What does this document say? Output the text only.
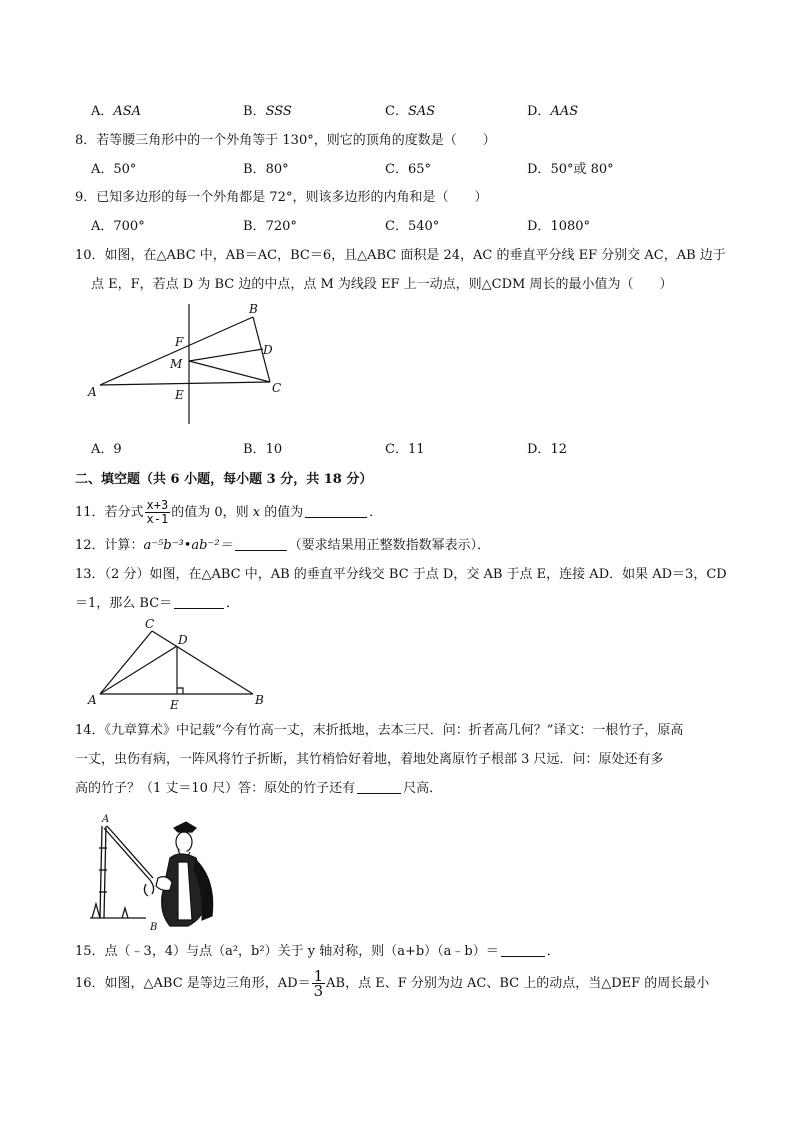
A．ASA	B．SSS	C．SAS	D．AAS
8．若等腰三角形中的一个外角等于 130°，则它的顶角的度数是（　　）
A．50°	B．80°	C．65°	D．50°或 80°
9．已知多边形的每一个外角都是 72°，则该多边形的内角和是（　　）
A．700°	B．720°	C．540°	D．1080°
10．如图，在△ABC 中，AB＝AC，BC＝6，且△ABC 面积是 24，AC 的垂直平分线 EF 分别交 AC，AB 边于
点 E，F，若点 D 为 BC 边的中点，点 M 为线段 EF 上一动点，则△CDM 周长的最小值为（　　）
A
B
C
D
E
F
M
A．9	B．10	C．11	D．12
二、填空题（共 6 小题，每小题 3 分，共 18 分）
11．若分式 $\frac{x+3}{x-1}$ 的值为 0，则 x 的值为	．
12．计算：a⁻⁵b⁻³•ab⁻²＝	（要求结果用正整数指数幂表示）．
13．（2 分）如图，在△ABC 中，AB 的垂直平分线交 BC 于点 D，交 AB 于点 E，连接 AD．如果 AD＝3，CD
＝1，那么 BC＝	．
A	B
C
D
E
14．《九章算术》中记载“今有竹高一丈，末折抵地，去本三尺．问：折者高几何？”译文：一根竹子，原高
一丈，虫伤有病，一阵风将竹子折断，其竹梢恰好着地，着地处离原竹子根部 3 尺远．问：原处还有多
高的竹子？（1 丈＝10 尺）答：原处的竹子还有	尺高．
A
B
15．点（﹣3，4）与点（a²，b²）关于 y 轴对称，则（a+b）（a﹣b）＝	．
16．如图，△ABC 是等边三角形，$AD= \frac{1}{3}$ AB，点 E、F 分别为边 AC、BC 上的动点，当△DEF 的周长最小
